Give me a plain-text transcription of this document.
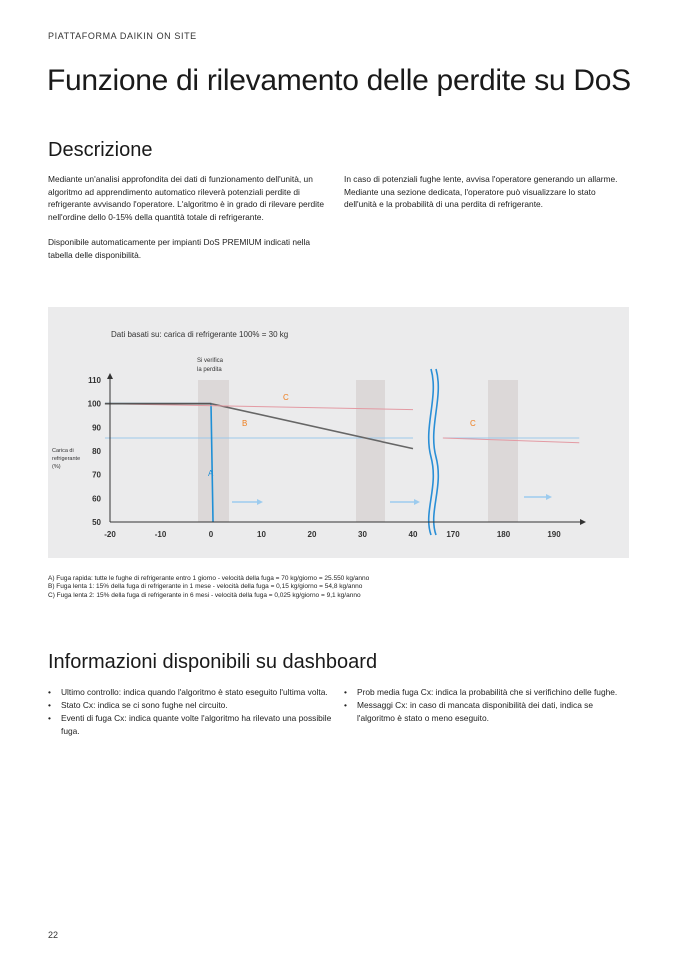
PIATTAFORMA DAIKIN ON SITE
Funzione di rilevamento delle perdite su DoS
Descrizione

Mediante un'analisi approfondita dei dati di funzionamento dell'unità, un algoritmo ad apprendimento automatico rileverà potenziali perdite di refrigerante avvisando l'operatore. L'algoritmo è in grado di rilevare perdite nell'ordine dello 0-15% della quantità totale di refrigerante.

Disponibile automaticamente per impianti DoS PREMIUM indicati nella tabella delle disponibilità.

In caso di potenziali fughe lente, avvisa l'operatore generando un allarme. Mediante una sezione dedicata, l'operatore può visualizzare lo stato dell'unità e la probabilità di una perdita di refrigerante.

Dati basati su: carica di refrigerante 100% = 30 kg
Carica di
refrigerante
(%)
Si verifica
la perdita
110
100
90
80
70
60
50
-20	-10	0	10	20	30	40	170	180	190
A
B
C
C
A) Fuga rapida: tutte le fughe di refrigerante entro 1 giorno - velocità della fuga = 70 kg/giorno = 25.550 kg/anno
B) Fuga lenta 1: 15% della fuga di refrigerante in 1 mese - velocità della fuga = 0,15 kg/giorno = 54,8 kg/anno
C) Fuga lenta 2: 15% della fuga di refrigerante in 6 mesi - velocità della fuga = 0,025 kg/giorno = 9,1 kg/anno
Informazioni disponibili su dashboard
• Ultimo controllo: indica quando l'algoritmo è stato eseguito l'ultima volta.
• Stato Cx: indica se ci sono fughe nel circuito.
• Eventi di fuga Cx: indica quante volte l'algoritmo ha rilevato una possibile fuga.
• Prob media fuga Cx: indica la probabilità che si verifichino delle fughe.
• Messaggi Cx: in caso di mancata disponibilità dei dati, indica se l'algoritmo è stato o meno eseguito.
22
